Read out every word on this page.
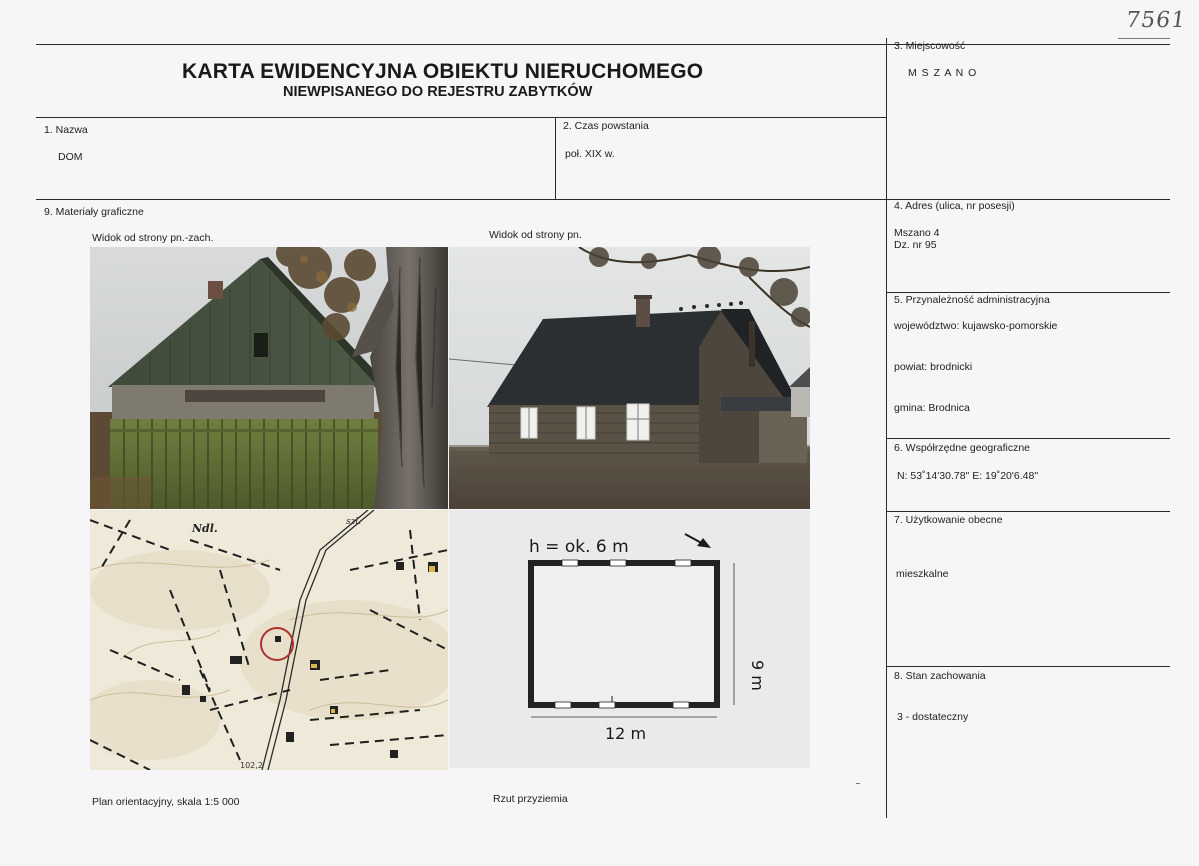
7561
KARTA EWIDENCYJNA OBIEKTU NIERUCHOMEGO
NIEWPISANEGO DO REJESTRU ZABYTKÓW
3. Miejscowość
M S Z A N O
1. Nazwa
DOM
2. Czas powstania
poł. XIX w.
9. Materiały graficzne
Widok od strony pn.-zach.	Widok od strony pn.
4. Adres (ulica, nr posesji)
Mszano 4
Dz. nr 95
5. Przynależność administracyjna
województwo: kujawsko-pomorskie
powiat: brodnicki
gmina: Brodnica
6. Współrzędne geograficzne
N: 53˚14'30.78" E: 19˚20'6.48"
7. Użytkowanie obecne
mieszkalne
8. Stan zachowania
3 - dostateczny
Ndl.	szl.
102,2
h = ok. 6 m
12 m
9 m
Plan orientacyjny, skala 1:5 000	Rzut przyziemia
